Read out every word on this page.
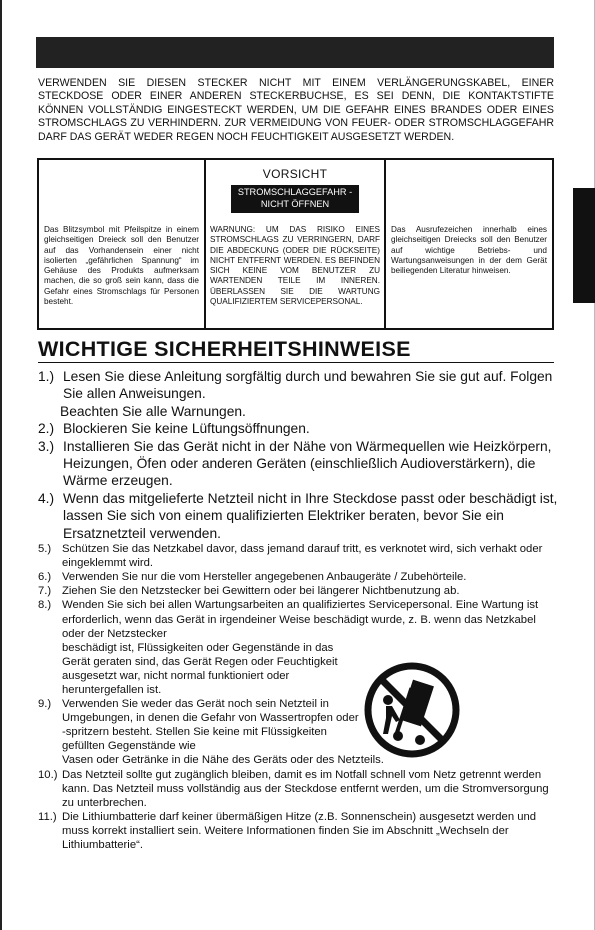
VERWENDEN SIE DIESEN STECKER NICHT MIT EINEM VERLÄNGERUNGSKABEL, EINER STECKDOSE ODER EINER ANDEREN STECKERBUCHSE, ES SEI DENN, DIE KONTAKTSTIFTE KÖNNEN VOLLSTÄNDIG EINGESTECKT WERDEN, UM DIE GEFAHR EINES BRANDES ODER EINES STROMSCHLAGS ZU VERHINDERN. ZUR VERMEIDUNG VON FEUER- ODER STROMSCHLAGGEFAHR DARF DAS GERÄT WEDER REGEN NOCH FEUCHTIGKEIT AUSGESETZT WERDEN.

Das Blitzsymbol mit Pfeilspitze in einem gleichseitigen Dreieck soll den Benutzer auf das Vorhandensein einer nicht isolierten „gefährlichen Spannung“ im Gehäuse des Produkts aufmerksam machen, die so groß sein kann, dass die Gefahr eines Stromschlags für Personen besteht.

VORSICHT

STROMSCHLAGGEFAHR - NICHT ÖFFNEN

WARNUNG: UM DAS RISIKO EINES STROMSCHLAGS ZU VERRINGERN, DARF DIE ABDECKUNG (ODER DIE RÜCKSEITE) NICHT ENTFERNT WERDEN. ES BEFINDEN SICH KEINE VOM BENUTZER ZU WARTENDEN TEILE IM INNEREN. ÜBERLASSEN SIE DIE WARTUNG QUALIFIZIERTEM SERVICEPERSONAL.

Das Ausrufezeichen innerhalb eines gleichseitigen Dreiecks soll den Benutzer auf wichtige Betriebs- und Wartungsanweisungen in der dem Gerät beiliegenden Literatur hinweisen.

WICHTIGE SICHERHEITSHINWEISE
1.) Lesen Sie diese Anleitung sorgfältig durch und bewahren Sie sie gut auf. Folgen Sie allen Anweisungen.

Beachten Sie alle Warnungen.

2.) Blockieren Sie keine Lüftungsöffnungen.
3.) Installieren Sie das Gerät nicht in der Nähe von Wärmequellen wie Heizkörpern, Heizungen, Öfen oder anderen Geräten (einschließlich Audioverstärkern), die Wärme erzeugen.
4.) Wenn das mitgelieferte Netzteil nicht in Ihre Steckdose passt oder beschädigt ist, lassen Sie sich von einem qualifizierten Elektriker beraten, bevor Sie ein Ersatznetzteil verwenden.
5.) Schützen Sie das Netzkabel davor, dass jemand darauf tritt, es verknotet wird, sich verhakt oder eingeklemmt wird.
6.) Verwenden Sie nur die vom Hersteller angegebenen Anbaugeräte / Zubehörteile.
7.) Ziehen Sie den Netzstecker bei Gewittern oder bei längerer Nichtbenutzung ab.
8.) Wenden Sie sich bei allen Wartungsarbeiten an qualifiziertes Servicepersonal. Eine Wartung ist erforderlich, wenn das Gerät in irgendeiner Weise beschädigt wurde, z. B. wenn das Netzkabel oder der Netzstecker
beschädigt ist, Flüssigkeiten oder Gegenstände in das Gerät geraten sind, das Gerät Regen oder Feuchtigkeit ausgesetzt war, nicht normal funktioniert oder heruntergefallen ist.
9.) Verwenden Sie weder das Gerät noch sein Netzteil in Umgebungen, in denen die Gefahr von Wassertropfen oder -spritzern besteht. Stellen Sie keine mit Flüssigkeiten gefüllten Gegenstände wie
Vasen oder Getränke in die Nähe des Geräts oder des Netzteils.
10.) Das Netzteil sollte gut zugänglich bleiben, damit es im Notfall schnell vom Netz getrennt werden kann. Das Netzteil muss vollständig aus der Steckdose entfernt werden, um die Stromversorgung zu unterbrechen.
11.) Die Lithiumbatterie darf keiner übermäßigen Hitze (z.B. Sonnenschein) ausgesetzt werden und muss korrekt installiert sein. Weitere Informationen finden Sie im Abschnitt „Wechseln der Lithiumbatterie“.
